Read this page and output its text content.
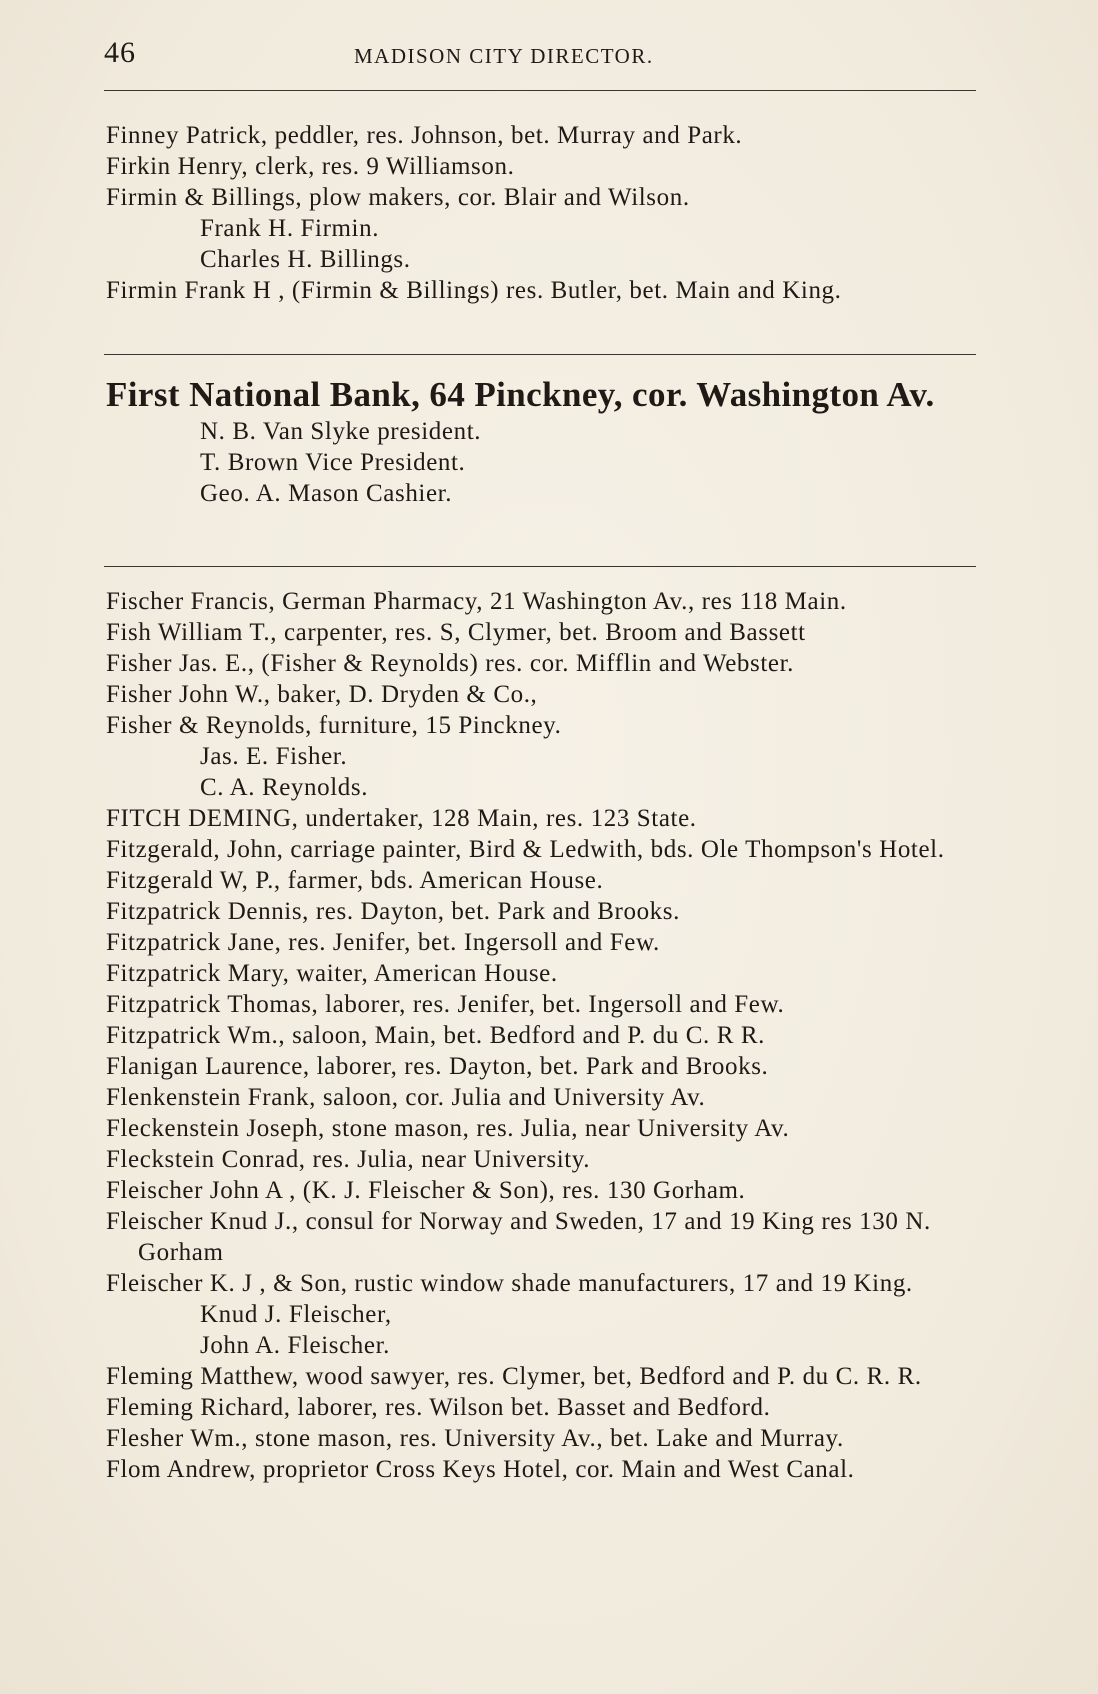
46	MADISON CITY DIRECTOR.
Finney Patrick, peddler, res. Johnson, bet. Murray and Park.
Firkin Henry, clerk, res. 9 Williamson.
Firmin & Billings, plow makers, cor. Blair and Wilson.
Frank H. Firmin.
Charles H. Billings.
Firmin Frank H , (Firmin & Billings) res. Butler, bet. Main and King.
First National Bank, 64 Pinckney, cor. Washington Av.
N. B. Van Slyke president.
T. Brown Vice President.
Geo. A. Mason Cashier.
Fischer Francis, German Pharmacy, 21 Washington Av., res 118 Main.
Fish William T., carpenter, res. S, Clymer, bet. Broom and Bassett
Fisher Jas. E., (Fisher & Reynolds) res. cor. Mifflin and Webster.
Fisher John W., baker, D. Dryden & Co.,
Fisher & Reynolds, furniture, 15 Pinckney.
Jas. E. Fisher.
C. A. Reynolds.
FITCH DEMING, undertaker, 128 Main, res. 123 State.
Fitzgerald, John, carriage painter, Bird & Ledwith, bds. Ole Thompson's Hotel.
Fitzgerald W, P., farmer, bds. American House.
Fitzpatrick Dennis, res. Dayton, bet. Park and Brooks.
Fitzpatrick Jane, res. Jenifer, bet. Ingersoll and Few.
Fitzpatrick Mary, waiter, American House.
Fitzpatrick Thomas, laborer, res. Jenifer, bet. Ingersoll and Few.
Fitzpatrick Wm., saloon, Main, bet. Bedford and P. du C. R R.
Flanigan Laurence, laborer, res. Dayton, bet. Park and Brooks.
Flenkenstein Frank, saloon, cor. Julia and University Av.
Fleckenstein Joseph, stone mason, res. Julia, near University Av.
Fleckstein Conrad, res. Julia, near University.
Fleischer John A , (K. J. Fleischer & Son), res. 130 Gorham.
Fleischer Knud J., consul for Norway and Sweden, 17 and 19 King res 130 N. Gorham
Fleischer K. J , & Son, rustic window shade manufacturers, 17 and 19 King.
Knud J. Fleischer,
John A. Fleischer.
Fleming Matthew, wood sawyer, res. Clymer, bet, Bedford and P. du C. R. R.
Fleming Richard, laborer, res. Wilson bet. Basset and Bedford.
Flesher Wm., stone mason, res. University Av., bet. Lake and Murray.
Flom Andrew, proprietor Cross Keys Hotel, cor. Main and West Canal.
